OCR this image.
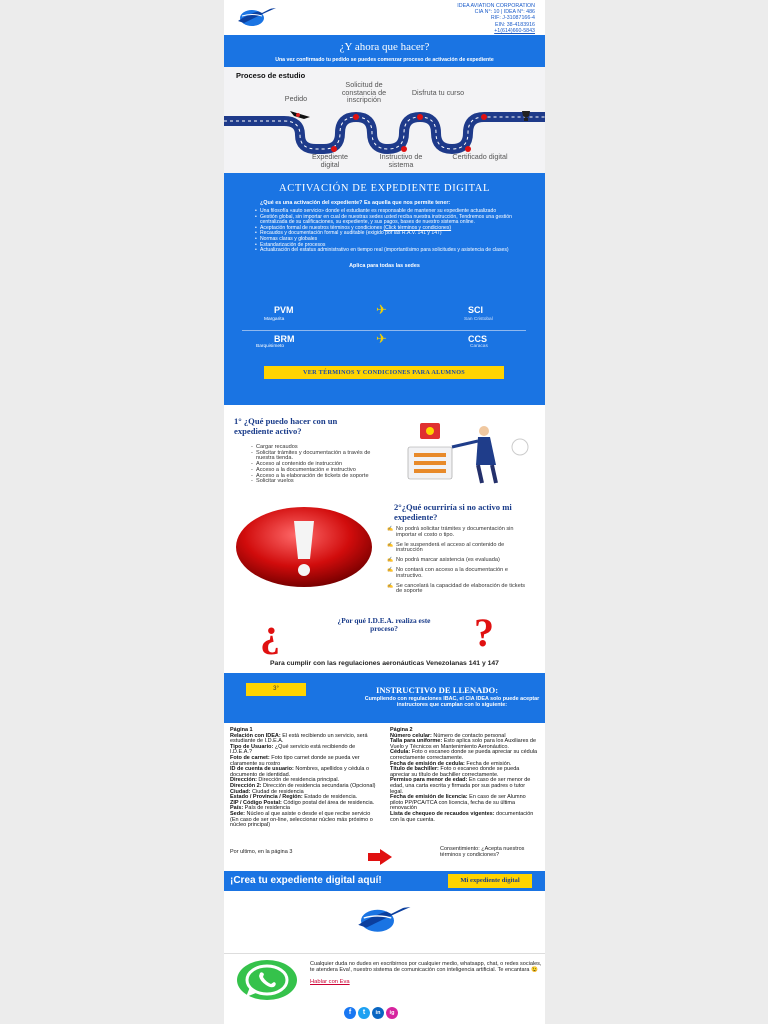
IDEA AVIATION CORPORATION
CIA N°: 10 | IDEA N°: 486
RIF: J-31087166-4
EIN: 38-4183916
+1(614)660-5843
¿Y ahora que hacer?

Una vez confirmado tu pedido se puedes comenzar proceso de activación de expediente

Proceso de estudio
Pedido
Solicitud de constancia de inscripción
Disfruta tu curso
Expediente digital
Instructivo de sistema
Certificado digital
ACTIVACIÓN DE EXPEDIENTE DIGITAL
¿Qué es una activación del expediente? Es aquella que nos permite tener:
• Una filosofía «auto servicio» donde el estudiante es responsable de mantener su expediente actualizado
• Gestión global, sin importar en cual de nuestras sedes usted reciba nuestra instrucción, Tendremos una gestión centralizada de su calificaciones, su expediente, y sus pagos, bases de nuestro sistema online.
• Aceptación formal de nuestros términos y condiciones (Click términos y condiciones)
• Recaudos y documentación formal y auditable (exigido por las R.A.V. 141 y 147)
• Normas claras y globales
• Estandarización de procesos
• Actualización del estatus administrativo en tiempo real (importantísimo para solicitudes y asistencia de clases)
Aplica para todas las sedes
PVM
Margarita
✈	SCI
San Cristobal
BRM
Barquisimeto
✈	CCS
Caracas
VER TÉRMINOS Y CONDICIONES PARA ALUMNOS
1° ¿Qué puedo hacer con un expediente activo?
- Cargar recaudos
- Solicitar trámites y documentación a través de nuestra tienda.
- Acceso al contenido de instrucción
- Acceso a la documentación e instructivo
- Acceso a la elaboración de tickets de soporte
- Solicitar vuelos
2°¿Qué ocurriría si no activo mi expediente?
✍ No podrá solicitar trámites y documentación sin importar el costo o tipo.
✍ Se le suspenderá el acceso al contenido de instrucción
✍ No podrá marcar asistencia (es evaluada)
✍ No contará con acceso a la documentación e instructivo.
✍ Se cancelará la capacidad de elaboración de tickets de soporte
¿	¿Por qué I.D.E.A. realiza este proceso?	?
Para cumplir con las regulaciones aeronáuticas Venezolanas 141 y 147
3°	INSTRUCTIVO DE LLENADO:

Cumpliendo con regulaciones IBAC, el CIA IDEA solo puede aceptar instructores que cumplan con lo siguiente:

Página 1
Relación con IDEA: El está recibiendo un servicio, será estudiante de I.D.E.A.
Tipo de Usuario: ¿Qué servicio está recibiendo de I.D.E.A.?
Foto de carnet: Foto tipo carnet donde se pueda ver claramente su rostro
ID de cuenta de usuario: Nombres, apellidos y cédula o documento de identidad.
Dirección: Dirección de residencia principal.
Dirección 2: Dirección de residencia secundaria (Opcional)
Ciudad: Ciudad de residencia
Estado / Provincia / Región: Estado de residencia.
ZIP / Código Postal: Código postal del área de residencia.
País: País de residencia
Sede: Núcleo al que asiste o desde el que recibe servicio (En caso de ser on-line, seleccionar núcleo más próximo o núcleo principal)
Página 2
Número celular: Número de contacto personal
Talla para uniforme: Esto aplica solo para los Auxiliares de Vuelo y Técnicos en Mantenimiento Aeronáutico.
Cédula: Foto o escaneo donde se pueda apreciar su cédula correctamente correctamente.
Fecha de emisión de cedula: Fecha de emisión.
Título de bachiller: Foto o escaneo donde se pueda apreciar su título de bachiller correctamente.
Permiso para menor de edad: En caso de ser menor de edad, una carta escrita y firmada por sus padres o tutor legal.
Fecha de emisión de licencia: En caso de ser Alumno piloto PP/PCA/TCA con licencia, fecha de su última renovación
Lista de chequeo de recaudos vigentes: documentación con la que cuenta.
Por ultimo, en la página 3	Consentimiento: ¿Acepta nuestros términos y condiciones?
¡Crea tu expediente digital aquí!	Mi expediente digital
Cualquier duda no dudes en escribirnos por cualquier medio, whatsapp, chat, o redes sociales, te atendera Eva!, nuestro sistema de comunicación con inteligencia artificial. Te encantara 😉
Hablar con Eva
f	t	in	ig
